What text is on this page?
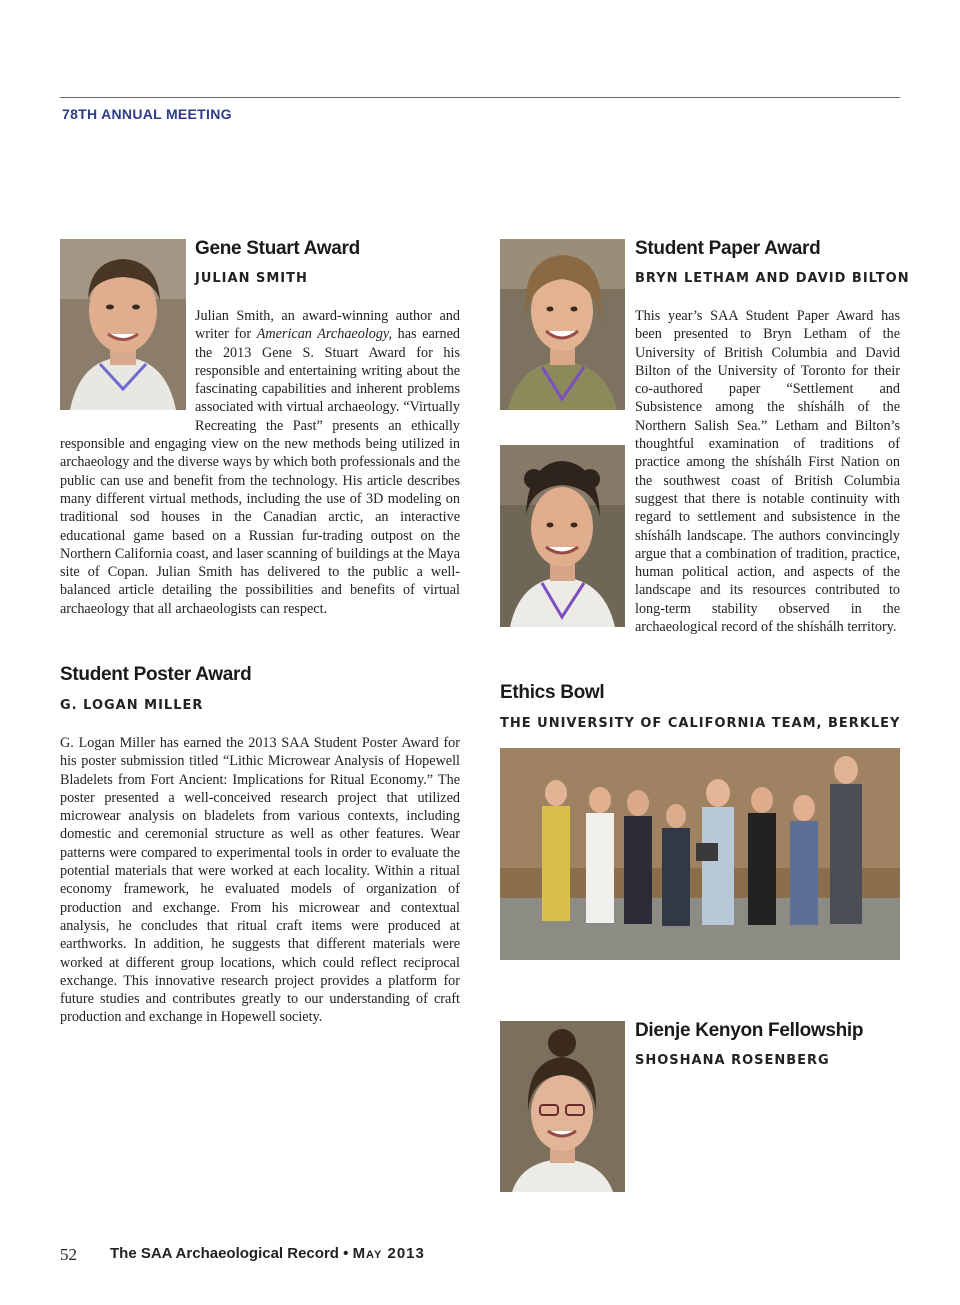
78TH ANNUAL MEETING
Gene Stuart Award
JULIAN SMITH
Julian Smith, an award-winning author and writer for American Archaeology, has earned the 2013 Gene S. Stuart Award for his responsible and entertaining writing about the fascinating capabilities and inherent problems associated with virtual archaeology. “Virtually Recreating the Past” presents an ethically responsible and engaging view on the new methods being utilized in archaeology and the diverse ways by which both professionals and the public can use and benefit from the technology. His article describes many different virtual methods, including the use of 3D modeling on traditional sod houses in the Canadian arctic, an interactive educational game based on a Russian fur-trading outpost on the Northern California coast, and laser scanning of buildings at the Maya site of Copan. Julian Smith has delivered to the public a well-balanced article detailing the possibilities and benefits of virtual archaeology that all archaeologists can respect.
Student Poster Award
G. LOGAN MILLER
G. Logan Miller has earned the 2013 SAA Student Poster Award for his poster submission titled “Lithic Microwear Analysis of Hopewell Bladelets from Fort Ancient: Implications for Ritual Economy.” The poster presented a well-conceived research project that utilized microwear analysis on bladelets from various contexts, including domestic and ceremonial structure as well as other features. Wear patterns were compared to experimental tools in order to evaluate the potential materials that were worked at each locality. Within a ritual economy framework, he evaluated models of organization of production and exchange. From his microwear and contextual analysis, he concludes that ritual craft items were produced at earthworks. In addition, he suggests that different materials were worked at different group locations, which could reflect reciprocal exchange. This innovative research project provides a platform for future studies and contributes greatly to our understanding of craft production and exchange in Hopewell society.
Student Paper Award
BRYN LETHAM AND DAVID BILTON
This year’s SAA Student Paper Award has been presented to Bryn Letham of the University of British Columbia and David Bilton of the University of Toronto for their co-authored paper “Settlement and Subsistence among the shíshálh of the Northern Salish Sea.” Letham and Bilton’s thoughtful examination of traditions of practice among the shíshálh First Nation on the southwest coast of British Columbia suggest that there is notable continuity with regard to settlement and subsistence in the shíshálh landscape. The authors convincingly argue that a combination of tradition, practice, human political action, and aspects of the landscape and its resources contributed to long-term stability observed in the archaeological record of the shíshálh territory.
Ethics Bowl
THE UNIVERSITY OF CALIFORNIA TEAM, BERKLEY
Dienje Kenyon Fellowship
SHOSHANA ROSENBERG
52 The SAA Archaeological Record • May 2013
